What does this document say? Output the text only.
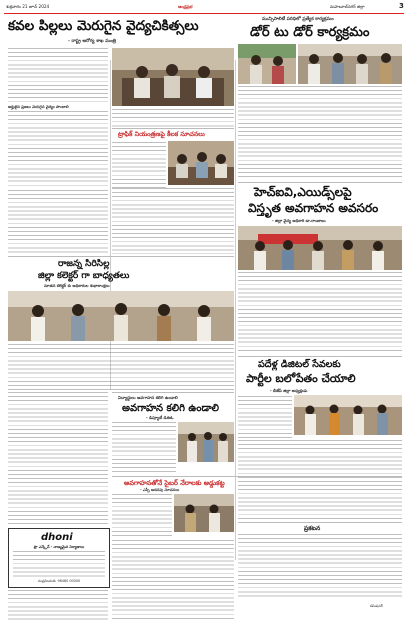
శుక్రవారం 21 జూన్ 2024	ఆంధ్రప్రభ	మహబూబ్‌నగర్ జిల్లా	3
కవల పిల్లలు మెరుగైన వైద్యచికిత్సలు
- రాష్ట్ర ఆరోగ్య శాఖ మంత్రి
అర్హులైన ప్రజలు మెరుగైన వైద్యం పొందాలి
ట్రాఫిక్ నియంత్రణపై కీలక సూచనలు
మున్సిపాలిటీ పరిధిలో ప్రత్యేక కార్యక్రమం
డోర్ టు డోర్ కార్యక్రమం
హెచ్ఐవి,ఎయిడ్స్‌లపై
విస్తృత అవగాహన అవసరం
- జిల్లా వైద్య అధికారి డా.రాంబాబు
రాజన్న సిరిసిల్ల
జిల్లా కలెక్టర్ గా బాధ్యతలు
నూతన కలెక్టర్ కు అధికారుల శుభాకాంక్షలు
విద్యార్థులు అవగాహన కలిగి ఉండాలి
అవగాహన కలిగి ఉండాలి
- డిప్యూటీ డిఈఓ
dhoni
ప్రొ ఎన్క్లేవ్ - నాణ్యమైన నిర్మాణాలు
సంప్రదించండి: 98480 00000
పదేళ్ల డిజిటల్ సేవలకు
పార్టీల బలోపేతం చేయాలి
- బీజేపీ జిల్లా అధ్యక్షుడు
అవగాహనతోనే సైబర్ నేరాలకు అడ్డుకట్ట
- ఎస్పీ అదనపు సూచనలు
ప్రకటన
కమిషనర్
